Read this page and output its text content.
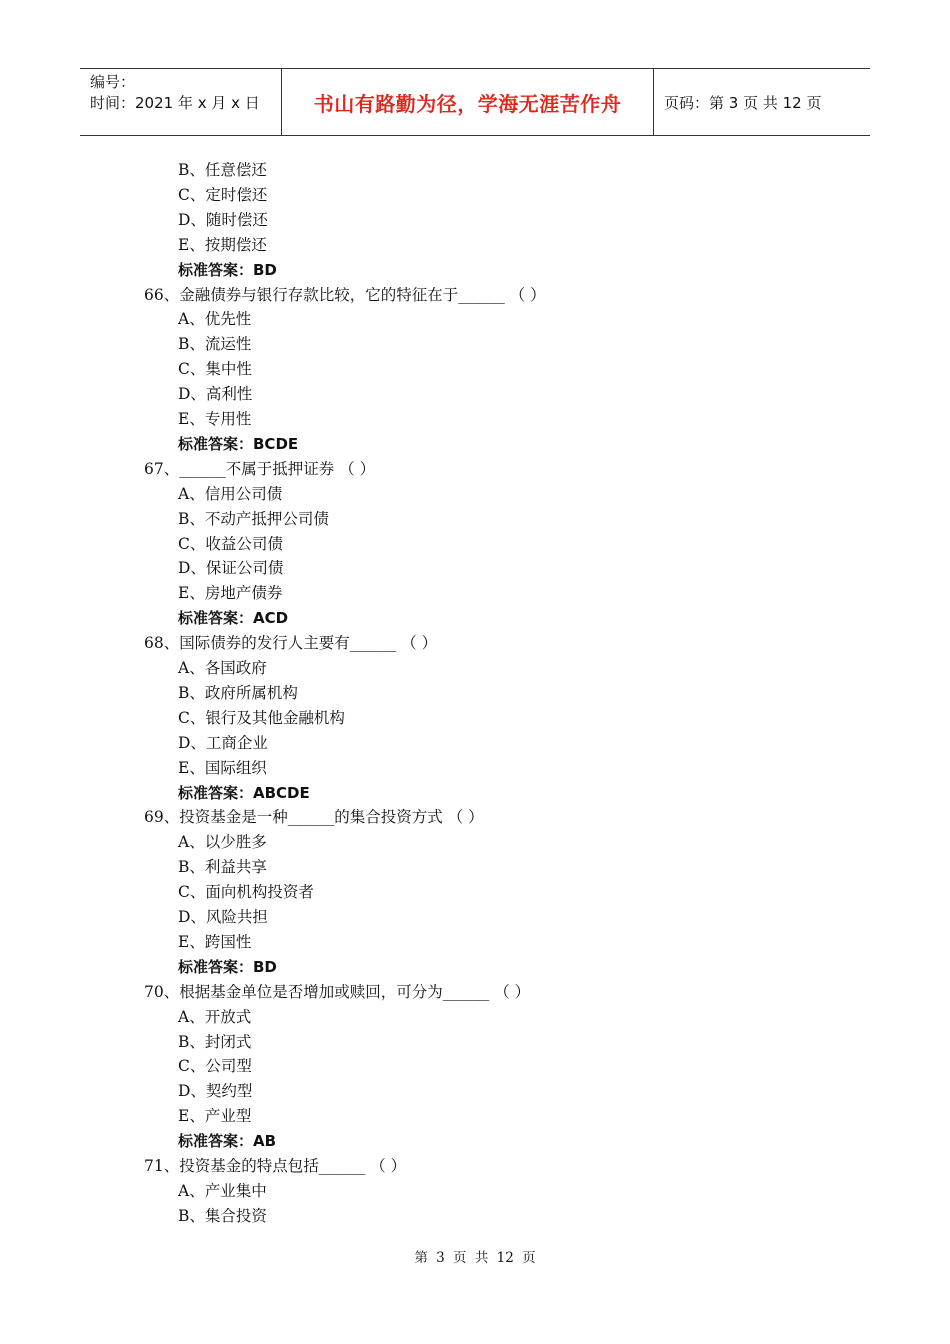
编号：
时间：2021 年 x 月 x 日	书山有路勤为径，学海无涯苦作舟	页码：第 3 页 共 12 页
B、任意偿还
C、定时偿还
D、随时偿还
E、按期偿还
标准答案：BD
66、金融债券与银行存款比较，它的特征在于______ （ ）
A、优先性
B、流运性
C、集中性
D、高利性
E、专用性
标准答案：BCDE
67、______不属于抵押证券 （ ）
A、信用公司债
B、不动产抵押公司债
C、收益公司债
D、保证公司债
E、房地产债券
标准答案：ACD
68、国际债券的发行人主要有______ （ ）
A、各国政府
B、政府所属机构
C、银行及其他金融机构
D、工商企业
E、国际组织
标准答案：ABCDE
69、投资基金是一种______的集合投资方式 （ ）
A、以少胜多
B、利益共享
C、面向机构投资者
D、风险共担
E、跨国性
标准答案：BD
70、根据基金单位是否增加或赎回，可分为______ （ ）
A、开放式
B、封闭式
C、公司型
D、契约型
E、产业型
标准答案：AB
71、投资基金的特点包括______ （ ）
A、产业集中
B、集合投资
第 3 页 共 12 页
